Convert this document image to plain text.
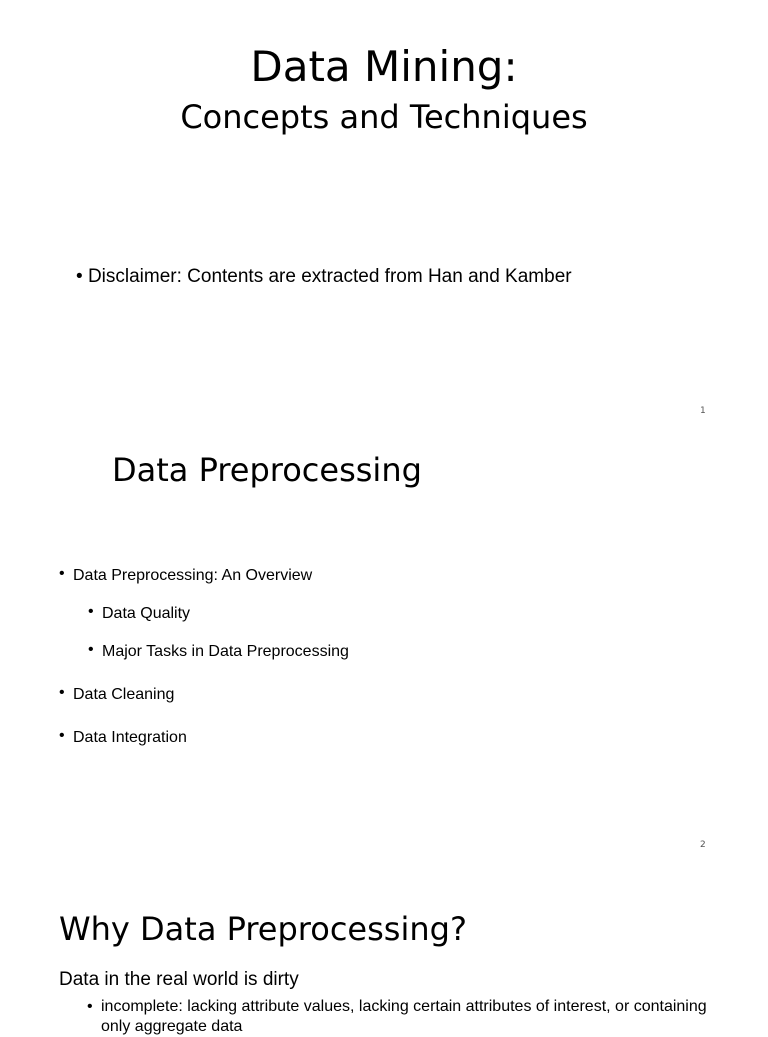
Data Mining:
Concepts and Techniques
• Disclaimer: Contents are extracted from Han and Kamber
1
Data Preprocessing
• Data Preprocessing: An Overview
• Data Quality
• Major Tasks in Data Preprocessing
• Data Cleaning
• Data Integration
2
Why Data Preprocessing?
Data in the real world is dirty
• incomplete: lacking attribute values, lacking certain attributes of interest, or containing only aggregate data
